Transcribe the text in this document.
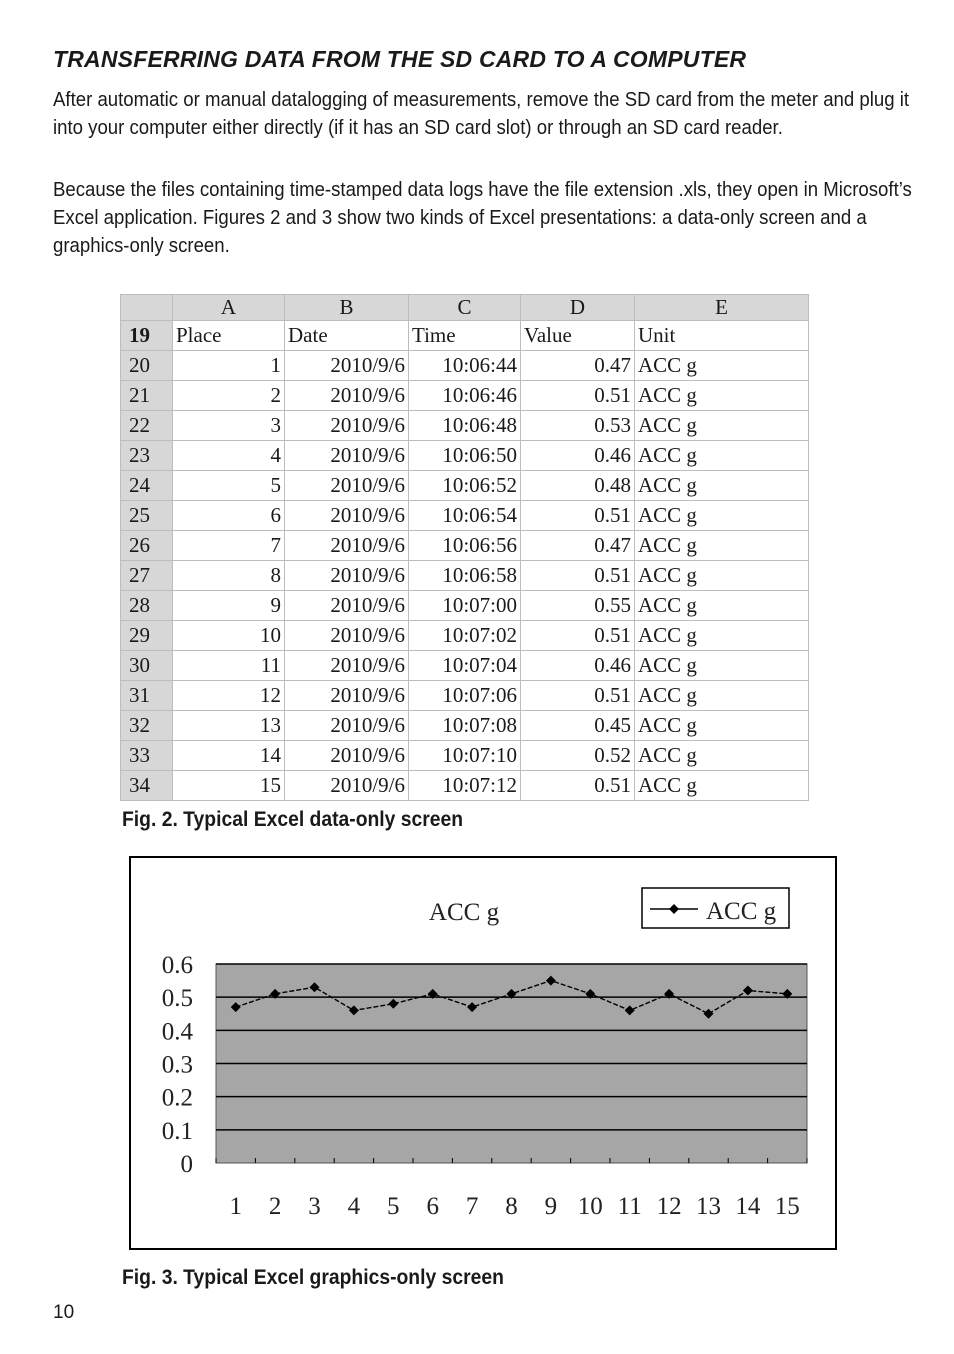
TRANSFERRING DATA FROM THE SD CARD TO A COMPUTER

After automatic or manual datalogging of measurements, remove the SD card from the meter and plug it into your computer either directly (if it has an SD card slot) or through an SD card reader.

Because the files containing time-stamped data logs have the file extension .xls, they open in Microsoft’s Excel application. Figures 2 and 3 show two kinds of Excel presentations: a data-only screen and a graphics-only screen.

	A	B	C	D	E
19	Place	Date	Time	Value	Unit
20	1	2010/9/6	10:06:44	0.47	ACC g
21	2	2010/9/6	10:06:46	0.51	ACC g
22	3	2010/9/6	10:06:48	0.53	ACC g
23	4	2010/9/6	10:06:50	0.46	ACC g
24	5	2010/9/6	10:06:52	0.48	ACC g
25	6	2010/9/6	10:06:54	0.51	ACC g
26	7	2010/9/6	10:06:56	0.47	ACC g
27	8	2010/9/6	10:06:58	0.51	ACC g
28	9	2010/9/6	10:07:00	0.55	ACC g
29	10	2010/9/6	10:07:02	0.51	ACC g
30	11	2010/9/6	10:07:04	0.46	ACC g
31	12	2010/9/6	10:07:06	0.51	ACC g
32	13	2010/9/6	10:07:08	0.45	ACC g
33	14	2010/9/6	10:07:10	0.52	ACC g
34	15	2010/9/6	10:07:12	0.51	ACC g

Fig. 2. Typical Excel data-only screen

0
0.1
0.2
0.3
0.4
0.5
0.6
1 2 3 4 5 6 7 8 9 10 11 12 13 14 15
ACC g	ACC g

Fig. 3. Typical Excel graphics-only screen

10
